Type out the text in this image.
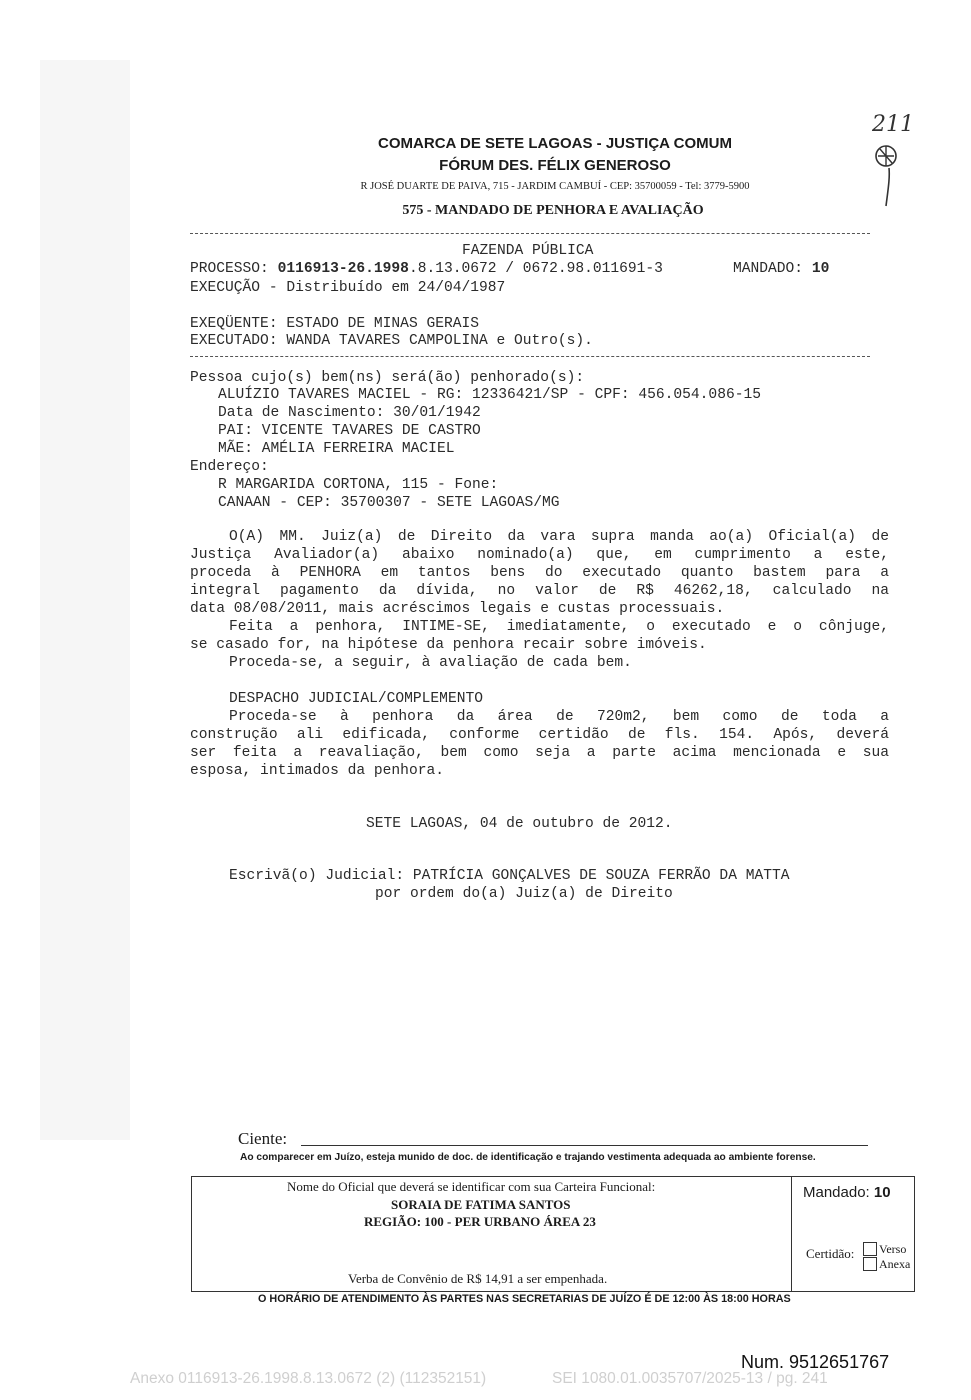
211
COMARCA DE SETE LAGOAS - JUSTIÇA COMUM
FÓRUM DES. FÉLIX GENEROSO
R JOSÉ DUARTE DE PAIVA, 715 - JARDIM CAMBUÍ - CEP: 35700059 - Tel: 3779-5900
575 - MANDADO DE PENHORA E AVALIAÇÃO
FAZENDA PÚBLICA
PROCESSO: 0116913-26.1998.8.13.0672 / 0672.98.011691-3	MANDADO: 10
EXECUÇÃO - Distribuído em 24/04/1987
EXEQÜENTE: ESTADO DE MINAS GERAIS
EXECUTADO: WANDA TAVARES CAMPOLINA e Outro(s).
Pessoa cujo(s) bem(ns) será(ão) penhorado(s):
ALUÍZIO TAVARES MACIEL - RG: 12336421/SP - CPF: 456.054.086-15
Data de Nascimento: 30/01/1942
PAI: VICENTE TAVARES DE CASTRO
MÃE: AMÉLIA FERREIRA MACIEL
Endereço:
R MARGARIDA CORTONA, 115 - Fone:
CANAAN - CEP: 35700307 - SETE LAGOAS/MG
O(A) MM. Juiz(a) de Direito da vara supra manda ao(a) Oficial(a) de
Justiça Avaliador(a) abaixo nominado(a) que, em cumprimento a este,
proceda à PENHORA em tantos bens do executado quanto bastem para a
integral pagamento da dívida, no valor de R$ 46262,18, calculado na
data 08/08/2011, mais acréscimos legais e custas processuais.
Feita a penhora, INTIME-SE, imediatamente, o executado e o cônjuge,
se casado for, na hipótese da penhora recair sobre imóveis.
Proceda-se, a seguir, à avaliação de cada bem.
DESPACHO JUDICIAL/COMPLEMENTO
Proceda-se à penhora da área de 720m2, bem como de toda a
construção ali edificada, conforme certidão de fls. 154. Após, deverá
ser feita a reavaliação, bem como seja a parte acima mencionada e sua
esposa, intimados da penhora.
SETE LAGOAS, 04 de outubro de 2012.
Escrivã(o) Judicial: PATRÍCIA GONÇALVES DE SOUZA FERRÃO DA MATTA
por ordem do(a) Juiz(a) de Direito
Ciente:
Ao comparecer em Juízo, esteja munido de doc. de identificação e trajando vestimenta adequada ao ambiente forense.
Nome do Oficial que deverá se identificar com sua Carteira Funcional:
SORAIA DE FATIMA SANTOS
REGIÃO: 100 - PER URBANO ÁREA 23
Verba de Convênio de R$ 14,91 a ser empenhada.
Mandado: 10
Certidão:	Verso
Anexa
O HORÁRIO DE ATENDIMENTO ÀS PARTES NAS SECRETARIAS DE JUÍZO É DE 12:00 ÀS 18:00 HORAS
Num. 9512651767
Anexo 0116913-26.1998.8.13.0672 (2) (112352151)	SEI 1080.01.0035707/2025-13 / pg. 241
